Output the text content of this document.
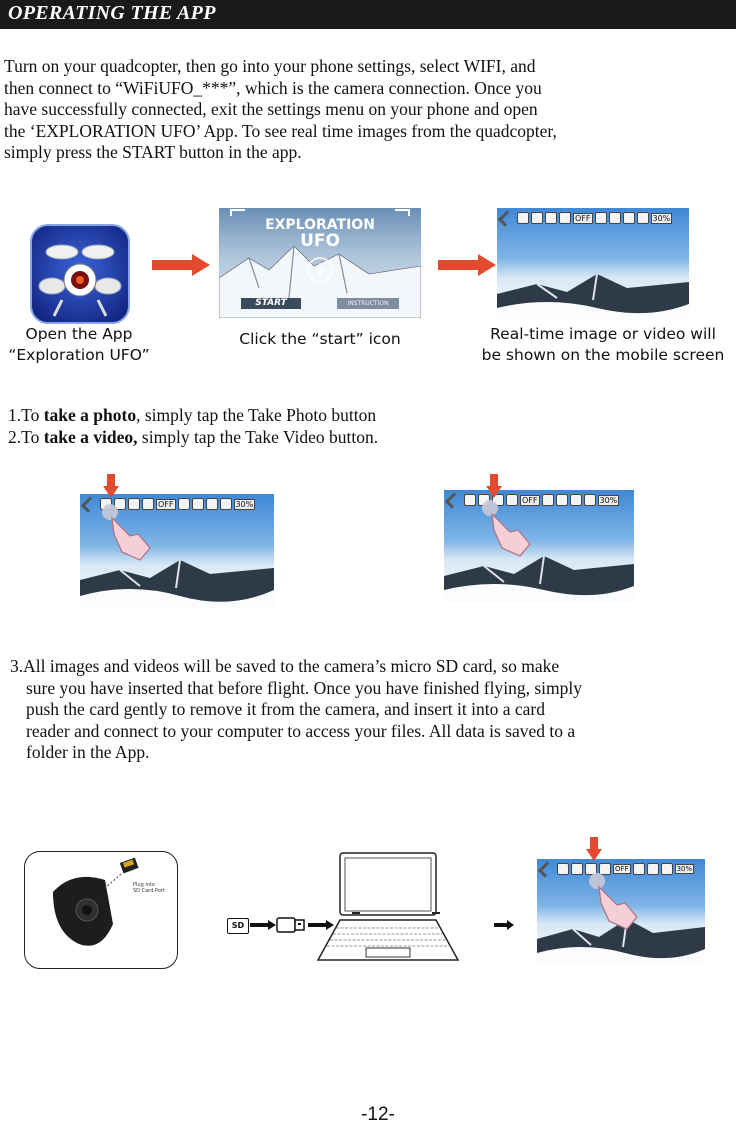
OPERATING THE APP
Turn on your quadcopter, then go into your phone settings, select WIFI, and
then connect to “WiFiUFO_***”, which is the camera connection. Once you
have successfully connected, exit the settings menu on your phone and open
the ‘EXPLORATION UFO’ App. To see real time images from the quadcopter,
simply press the START button in the app.
Open the App
“Exploration UFO”
EXPLORATION
UFO
START	INSTRUCTION
Click the “start” icon
OFF	30%
Real-time image or video will
be shown on the mobile screen
1.To take a photo, simply tap the Take Photo button
2.To take a video, simply tap the Take Video button.
OFF	30%	OFF	30%
3.All images and videos will be saved to the camera’s micro SD card, so make
sure you have inserted that before flight. Once you have finished flying, simply
push the card gently to remove it from the camera, and insert it into a card
reader and connect to your computer to access your files. All data is saved to a
folder in the App.
Plug into
SD Card Port
SD
OFF	30%
-12-
